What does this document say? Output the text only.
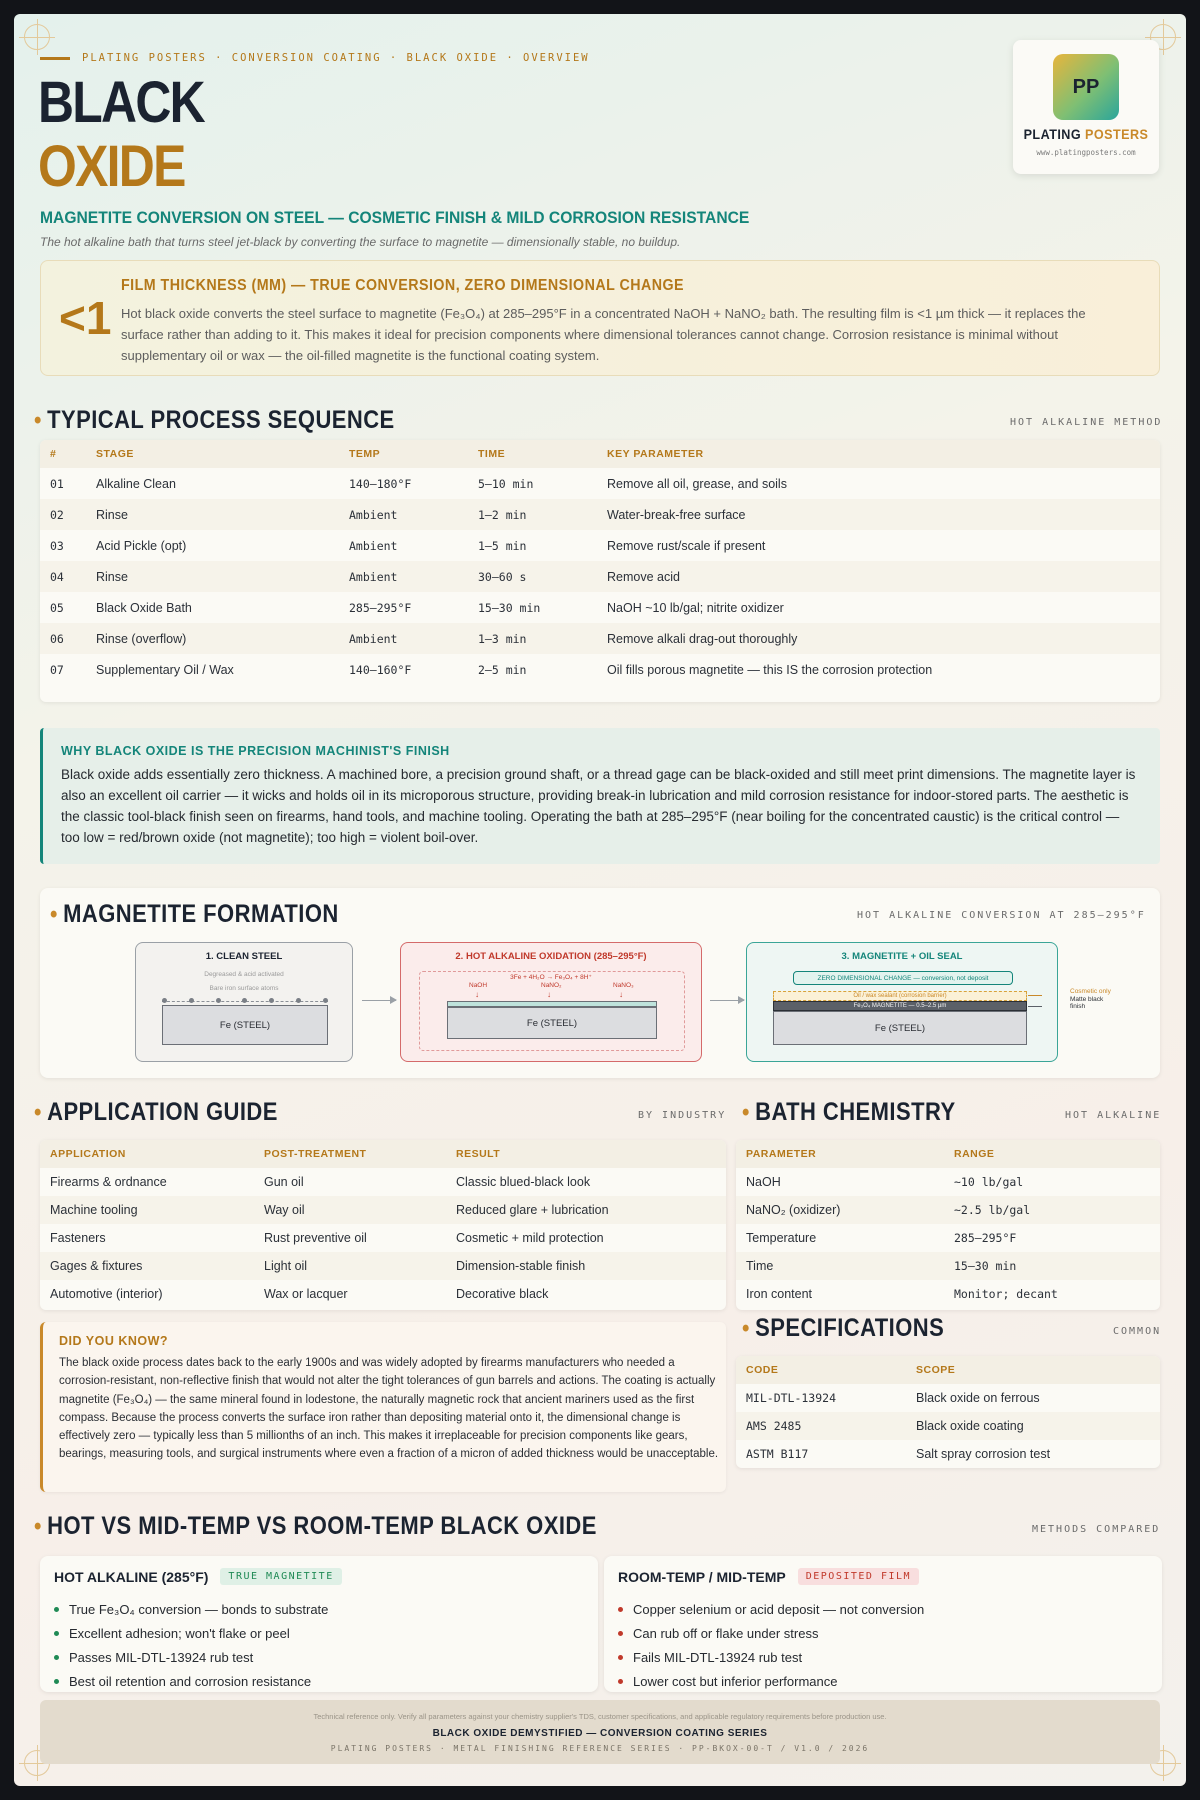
PLATING POSTERS · CONVERSION COATING · BLACK OXIDE · OVERVIEW
BLACK
OXIDE
MAGNETITE CONVERSION ON STEEL — COSMETIC FINISH & MILD CORROSION RESISTANCE
The hot alkaline bath that turns steel jet-black by converting the surface to magnetite — dimensionally stable, no buildup.
PP
PLATING POSTERS
www.platingposters.com
<1
FILM THICKNESS (MM) — TRUE CONVERSION, ZERO DIMENSIONAL CHANGE
Hot black oxide converts the steel surface to magnetite (Fe₃O₄) at 285–295°F in a concentrated NaOH + NaNO₂ bath. The resulting film is <1 µm thick — it replaces the surface rather than adding to it. This makes it ideal for precision components where dimensional tolerances cannot change. Corrosion resistance is minimal without supplementary oil or wax — the oil-filled magnetite is the functional coating system.
• TYPICAL PROCESS SEQUENCE	HOT ALKALINE METHOD
#	STAGE	TEMP	TIME	KEY PARAMETER
01	Alkaline Clean	140–180°F	5–10 min	Remove all oil, grease, and soils
02	Rinse	Ambient	1–2 min	Water-break-free surface
03	Acid Pickle (opt)	Ambient	1–5 min	Remove rust/scale if present
04	Rinse	Ambient	30–60 s	Remove acid
05	Black Oxide Bath	285–295°F	15–30 min	NaOH ~10 lb/gal; nitrite oxidizer
06	Rinse (overflow)	Ambient	1–3 min	Remove alkali drag-out thoroughly
07	Supplementary Oil / Wax	140–160°F	2–5 min	Oil fills porous magnetite — this IS the corrosion protection
WHY BLACK OXIDE IS THE PRECISION MACHINIST'S FINISH
Black oxide adds essentially zero thickness. A machined bore, a precision ground shaft, or a thread gage can be black-oxided and still meet print dimensions. The magnetite layer is also an excellent oil carrier — it wicks and holds oil in its microporous structure, providing break-in lubrication and mild corrosion resistance for indoor-stored parts. The aesthetic is the classic tool-black finish seen on firearms, hand tools, and machine tooling. Operating the bath at 285–295°F (near boiling for the concentrated caustic) is the critical control — too low = red/brown oxide (not magnetite); too high = violent boil-over.
• MAGNETITE FORMATION	HOT ALKALINE CONVERSION AT 285–295°F
1. CLEAN STEEL
Degreased & acid activated
Bare iron surface atoms
Fe (STEEL)
2. HOT ALKALINE OXIDATION (285–295°F)
3Fe + 4H₂O → Fe₃O₄ + 8H⁺
NaOH	NaNO₂	NaNO₃
↓	↓	↓
Fe (STEEL)
3. MAGNETITE + OIL SEAL
ZERO DIMENSIONAL CHANGE — conversion, not deposit
Oil / wax sealant (corrosion barrier)
Fe₃O₄ MAGNETITE — 0.5–2.5 µm
Fe (STEEL)
Cosmetic only
Matte black finish
• APPLICATION GUIDE	BY INDUSTRY
APPLICATION	POST-TREATMENT	RESULT
Firearms & ordnance	Gun oil	Classic blued-black look
Machine tooling	Way oil	Reduced glare + lubrication
Fasteners	Rust preventive oil	Cosmetic + mild protection
Gages & fixtures	Light oil	Dimension-stable finish
Automotive (interior)	Wax or lacquer	Decorative black
• BATH CHEMISTRY	HOT ALKALINE
PARAMETER	RANGE
NaOH	~10 lb/gal
NaNO₂ (oxidizer)	~2.5 lb/gal
Temperature	285–295°F
Time	15–30 min
Iron content	Monitor; decant
DID YOU KNOW?
The black oxide process dates back to the early 1900s and was widely adopted by firearms manufacturers who needed a corrosion-resistant, non-reflective finish that would not alter the tight tolerances of gun barrels and actions. The coating is actually magnetite (Fe₃O₄) — the same mineral found in lodestone, the naturally magnetic rock that ancient mariners used as the first compass. Because the process converts the surface iron rather than depositing material onto it, the dimensional change is effectively zero — typically less than 5 millionths of an inch. This makes it irreplaceable for precision components like gears, bearings, measuring tools, and surgical instruments where even a fraction of a micron of added thickness would be unacceptable.
• SPECIFICATIONS	COMMON
CODE	SCOPE
MIL-DTL-13924	Black oxide on ferrous
AMS 2485	Black oxide coating
ASTM B117	Salt spray corrosion test
• HOT VS MID-TEMP VS ROOM-TEMP BLACK OXIDE	METHODS COMPARED
HOT ALKALINE (285°F)	TRUE MAGNETITE
True Fe₃O₄ conversion — bonds to substrate
Excellent adhesion; won't flake or peel
Passes MIL-DTL-13924 rub test
Best oil retention and corrosion resistance
ROOM-TEMP / MID-TEMP	DEPOSITED FILM
Copper selenium or acid deposit — not conversion
Can rub off or flake under stress
Fails MIL-DTL-13924 rub test
Lower cost but inferior performance
Technical reference only. Verify all parameters against your chemistry supplier's TDS, customer specifications, and applicable regulatory requirements before production use.
BLACK OXIDE DEMYSTIFIED — CONVERSION COATING SERIES
PLATING POSTERS · METAL FINISHING REFERENCE SERIES · PP-BKOX-00-T / V1.0 / 2026
